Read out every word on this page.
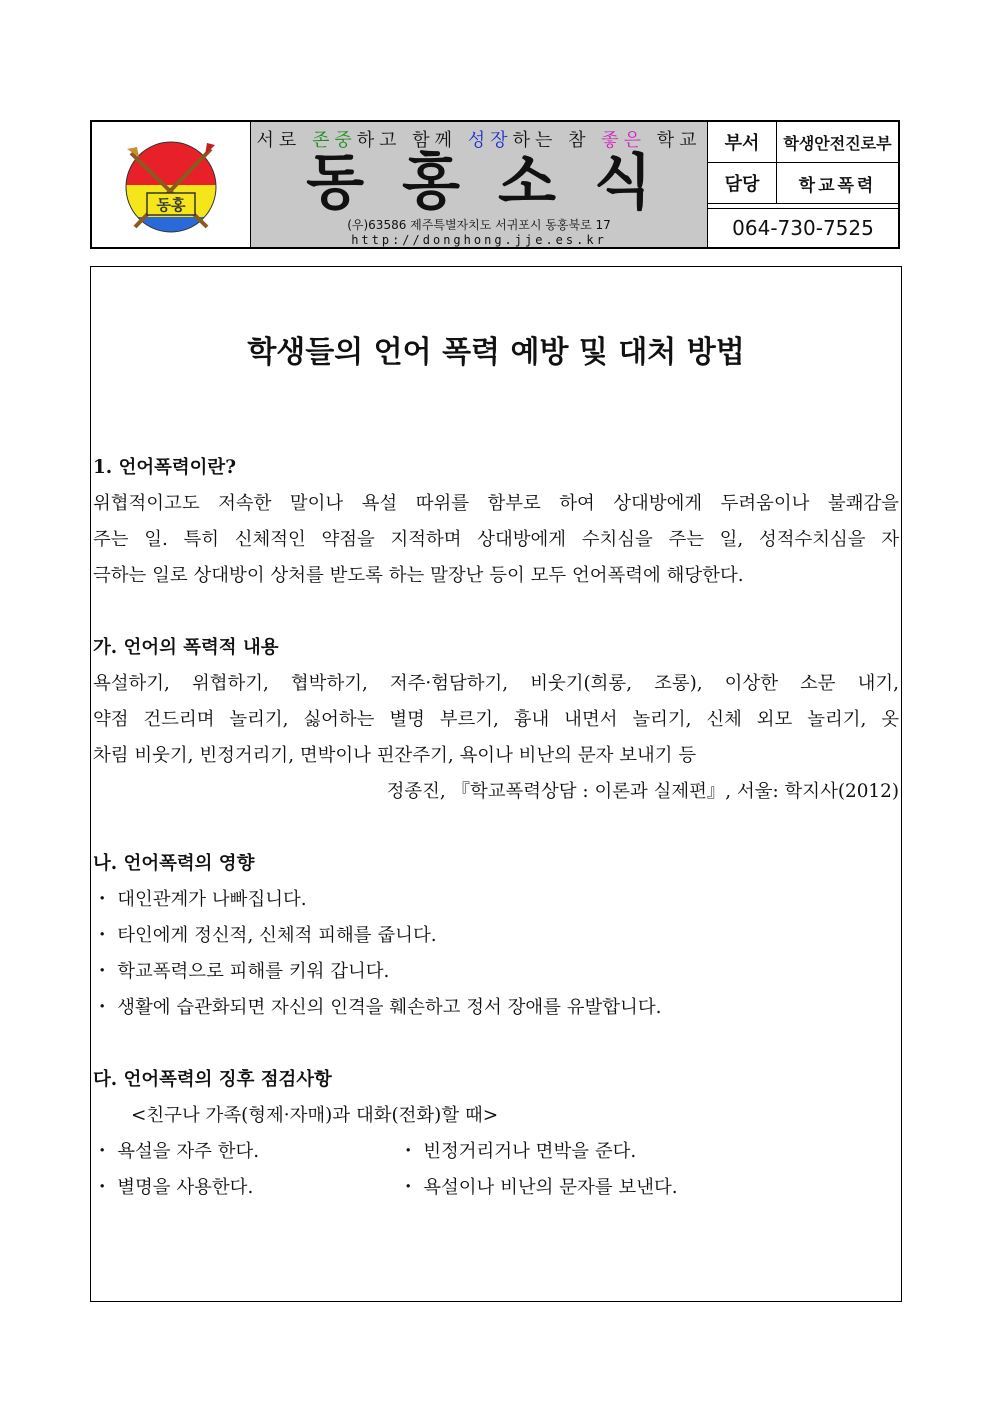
동홍
서로 존중하고 함께 성장하는 참 좋은 학교
동홍소식
(우)63586 제주특별자치도 서귀포시 동홍북로 17
http://donghong.jje.es.kr
부서	학생안전진로부
담당	학교폭력
064-730-7525
학생들의 언어 폭력 예방 및 대처 방법
1. 언어폭력이란?
위협적이고도 저속한 말이나 욕설 따위를 함부로 하여 상대방에게 두려움이나 불쾌감을
주는 일. 특히 신체적인 약점을 지적하며 상대방에게 수치심을 주는 일, 성적수치심을 자
극하는 일로 상대방이 상처를 받도록 하는 말장난 등이 모두 언어폭력에 해당한다.
가. 언어의 폭력적 내용
욕설하기, 위협하기, 협박하기, 저주·험담하기, 비웃기(희롱, 조롱), 이상한 소문 내기,
약점 건드리며 놀리기, 싫어하는 별명 부르기, 흉내 내면서 놀리기, 신체 외모 놀리기, 옷
차림 비웃기, 빈정거리기, 면박이나 핀잔주기, 욕이나 비난의 문자 보내기 등
정종진, 『학교폭력상담 : 이론과 실제편』, 서울: 학지사(2012)
나. 언어폭력의 영향
・ 대인관계가 나빠집니다.
・ 타인에게 정신적, 신체적 피해를 줍니다.
・ 학교폭력으로 피해를 키워 갑니다.
・ 생활에 습관화되면 자신의 인격을 훼손하고 정서 장애를 유발합니다.
다. 언어폭력의 징후 점검사항
<친구나 가족(형제·자매)과 대화(전화)할 때>
・ 욕설을 자주 한다.
・ 별명을 사용한다.
・ 빈정거리거나 면박을 준다.
・ 욕설이나 비난의 문자를 보낸다.
